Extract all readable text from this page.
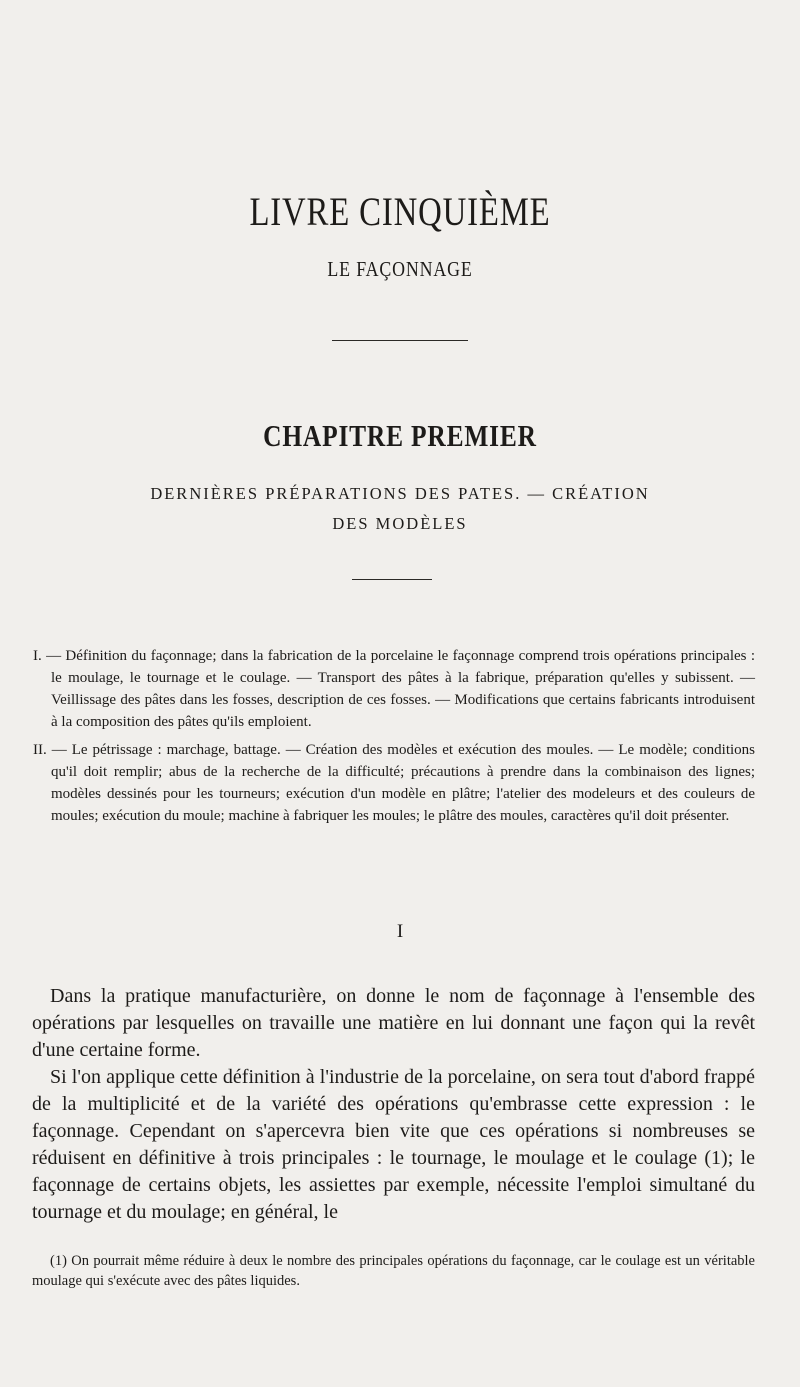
LIVRE CINQUIÈME
LE FAÇONNAGE
CHAPITRE PREMIER
DERNIÈRES PRÉPARATIONS DES PATES. — CRÉATION
DES MODÈLES

I. — Définition du façonnage; dans la fabrication de la porcelaine le façonnage comprend trois opérations principales : le moulage, le tournage et le coulage. — Transport des pâtes à la fabrique, préparation qu'elles y subissent. — Veillissage des pâtes dans les fosses, description de ces fosses. — Modifications que certains fabricants introduisent à la composition des pâtes qu'ils emploient.

II. — Le pétrissage : marchage, battage. — Création des modèles et exécution des moules. — Le modèle; conditions qu'il doit remplir; abus de la recherche de la difficulté; précautions à prendre dans la combinaison des lignes; modèles dessinés pour les tourneurs; exécution d'un modèle en plâtre; l'atelier des modeleurs et des couleurs de moules; exécution du moule; machine à fabriquer les moules; le plâtre des moules, caractères qu'il doit présenter.

I

Dans la pratique manufacturière, on donne le nom de façonnage à l'ensemble des opérations par lesquelles on travaille une matière en lui donnant une façon qui la revêt d'une certaine forme.

Si l'on applique cette définition à l'industrie de la porcelaine, on sera tout d'abord frappé de la multiplicité et de la variété des opérations qu'embrasse cette expression : le façonnage. Cependant on s'apercevra bien vite que ces opérations si nombreuses se réduisent en définitive à trois principales : le tournage, le moulage et le coulage (1); le façonnage de certains objets, les assiettes par exemple, nécessite l'emploi simultané du tournage et du moulage; en général, le

(1) On pourrait même réduire à deux le nombre des principales opérations du façonnage, car le coulage est un véritable moulage qui s'exécute avec des pâtes liquides.
